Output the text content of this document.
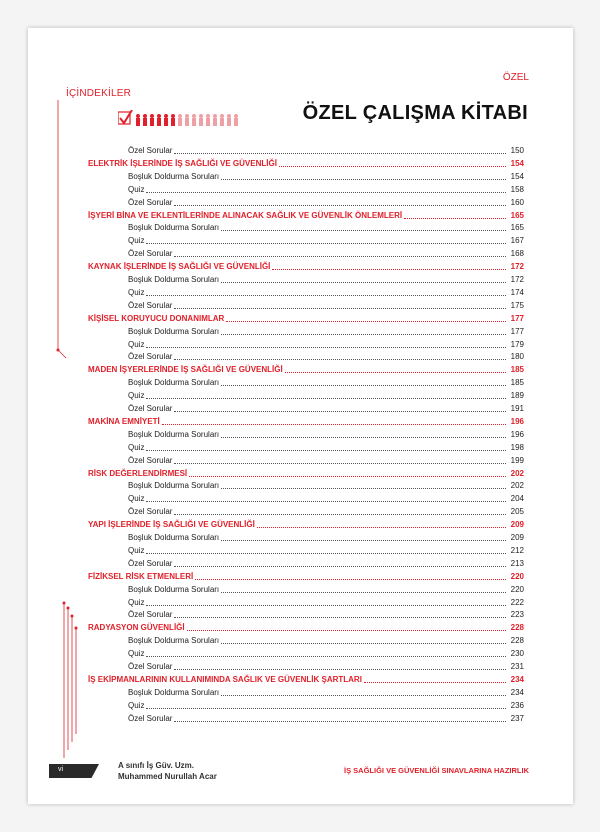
İÇİNDEKİLER
ÖZEL
ÖZEL ÇALIŞMA KİTABI
Özel Sorular	150
ELEKTRİK İŞLERİNDE İŞ SAĞLIĞI VE GÜVENLİĞİ	154
Boşluk Doldurma Soruları	154
Quiz	158
Özel Sorular	160
İŞYERİ BİNA VE EKLENTİLERİNDE ALINACAK SAĞLIK VE GÜVENLİK ÖNLEMLERİ	165
Boşluk Doldurma Soruları	165
Quiz	167
Özel Sorular	168
KAYNAK İŞLERİNDE İŞ SAĞLIĞI VE GÜVENLİĞİ	172
Boşluk Doldurma Soruları	172
Quiz	174
Özel Sorular	175
KİŞİSEL KORUYUCU DONANIMLAR	177
Boşluk Doldurma Soruları	177
Quiz	179
Özel Sorular	180
MADEN İŞYERLERİNDE İŞ SAĞLIĞI VE GÜVENLİĞİ	185
Boşluk Doldurma Soruları	185
Quiz	189
Özel Sorular	191
MAKİNA EMNİYETİ	196
Boşluk Doldurma Soruları	196
Quiz	198
Özel Sorular	199
RİSK DEĞERLENDİRMESİ	202
Boşluk Doldurma Soruları	202
Quiz	204
Özel Sorular	205
YAPI İŞLERİNDE İŞ SAĞLIĞI VE GÜVENLİĞİ	209
Boşluk Doldurma Soruları	209
Quiz	212
Özel Sorular	213
FİZİKSEL RİSK ETMENLERİ	220
Boşluk Doldurma Soruları	220
Quiz	222
Özel Sorular	223
RADYASYON GÜVENLİĞİ	228
Boşluk Doldurma Soruları	228
Quiz	230
Özel Sorular	231
İŞ EKİPMANLARININ KULLANIMINDA SAĞLIK VE GÜVENLİK ŞARTLARI	234
Boşluk Doldurma Soruları	234
Quiz	236
Özel Sorular	237
vi	A sınıfı İş Güv. Uzm.
Muhammed Nurullah Acar
İŞ SAĞLIĞI VE GÜVENLİĞİ SINAVLARINA HAZIRLIK
